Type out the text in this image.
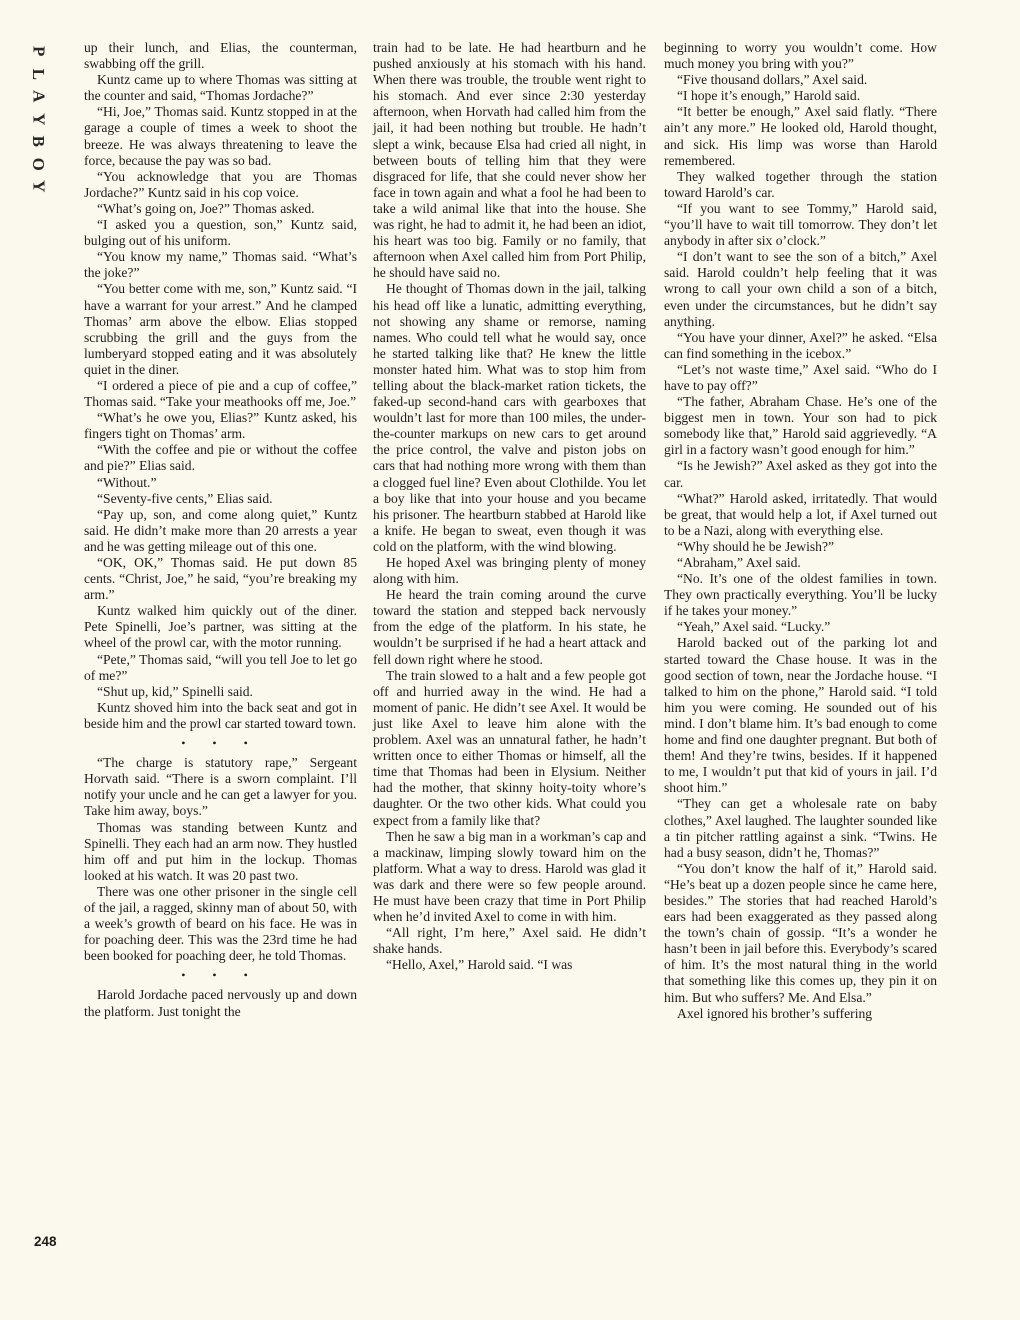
P
L
A
Y
B
O
Y

up their lunch, and Elias, the counterman, swabbing off the grill.

Kuntz came up to where Thomas was sitting at the counter and said, “Thomas Jordache?”

“Hi, Joe,” Thomas said. Kuntz stopped in at the garage a couple of times a week to shoot the breeze. He was always threatening to leave the force, because the pay was so bad.

“You acknowledge that you are Thomas Jordache?” Kuntz said in his cop voice.

“What’s going on, Joe?” Thomas asked.

“I asked you a question, son,” Kuntz said, bulging out of his uniform.

“You know my name,” Thomas said. “What’s the joke?”

“You better come with me, son,” Kuntz said. “I have a warrant for your arrest.” And he clamped Thomas’ arm above the elbow. Elias stopped scrubbing the grill and the guys from the lumberyard stopped eating and it was absolutely quiet in the diner.

“I ordered a piece of pie and a cup of coffee,” Thomas said. “Take your meathooks off me, Joe.”

“What’s he owe you, Elias?” Kuntz asked, his fingers tight on Thomas’ arm.

“With the coffee and pie or without the coffee and pie?” Elias said.

“Without.”

“Seventy-five cents,” Elias said.

“Pay up, son, and come along quiet,” Kuntz said. He didn’t make more than 20 arrests a year and he was getting mileage out of this one.

“OK, OK,” Thomas said. He put down 85 cents. “Christ, Joe,” he said, “you’re breaking my arm.”

Kuntz walked him quickly out of the diner. Pete Spinelli, Joe’s partner, was sitting at the wheel of the prowl car, with the motor running.

“Pete,” Thomas said, “will you tell Joe to let go of me?”

“Shut up, kid,” Spinelli said.

Kuntz shoved him into the back seat and got in beside him and the prowl car started toward town.

• • •

“The charge is statutory rape,” Sergeant Horvath said. “There is a sworn complaint. I’ll notify your uncle and he can get a lawyer for you. Take him away, boys.”

Thomas was standing between Kuntz and Spinelli. They each had an arm now. They hustled him off and put him in the lockup. Thomas looked at his watch. It was 20 past two.

There was one other prisoner in the single cell of the jail, a ragged, skinny man of about 50, with a week’s growth of beard on his face. He was in for poaching deer. This was the 23rd time he had been booked for poaching deer, he told Thomas.

• • •

Harold Jordache paced nervously up and down the platform. Just tonight the

train had to be late. He had heartburn and he pushed anxiously at his stomach with his hand. When there was trouble, the trouble went right to his stomach. And ever since 2:30 yesterday afternoon, when Horvath had called him from the jail, it had been nothing but trouble. He hadn’t slept a wink, because Elsa had cried all night, in between bouts of telling him that they were disgraced for life, that she could never show her face in town again and what a fool he had been to take a wild animal like that into the house. She was right, he had to admit it, he had been an idiot, his heart was too big. Family or no family, that afternoon when Axel called him from Port Philip, he should have said no.

He thought of Thomas down in the jail, talking his head off like a lunatic, admitting everything, not showing any shame or remorse, naming names. Who could tell what he would say, once he started talking like that? He knew the little monster hated him. What was to stop him from telling about the black-market ration tickets, the faked-up second-hand cars with gearboxes that wouldn’t last for more than 100 miles, the under-the-counter markups on new cars to get around the price control, the valve and piston jobs on cars that had nothing more wrong with them than a clogged fuel line? Even about Clothilde. You let a boy like that into your house and you became his prisoner. The heartburn stabbed at Harold like a knife. He began to sweat, even though it was cold on the platform, with the wind blowing.

He hoped Axel was bringing plenty of money along with him.

He heard the train coming around the curve toward the station and stepped back nervously from the edge of the platform. In his state, he wouldn’t be surprised if he had a heart attack and fell down right where he stood.

The train slowed to a halt and a few people got off and hurried away in the wind. He had a moment of panic. He didn’t see Axel. It would be just like Axel to leave him alone with the problem. Axel was an unnatural father, he hadn’t written once to either Thomas or himself, all the time that Thomas had been in Elysium. Neither had the mother, that skinny hoity-toity whore’s daughter. Or the two other kids. What could you expect from a family like that?

Then he saw a big man in a workman’s cap and a mackinaw, limping slowly toward him on the platform. What a way to dress. Harold was glad it was dark and there were so few people around. He must have been crazy that time in Port Philip when he’d invited Axel to come in with him.

“All right, I’m here,” Axel said. He didn’t shake hands.

“Hello, Axel,” Harold said. “I was

beginning to worry you wouldn’t come. How much money you bring with you?”

“Five thousand dollars,” Axel said.

“I hope it’s enough,” Harold said.

“It better be enough,” Axel said flatly. “There ain’t any more.” He looked old, Harold thought, and sick. His limp was worse than Harold remembered.

They walked together through the station toward Harold’s car.

“If you want to see Tommy,” Harold said, “you’ll have to wait till tomorrow. They don’t let anybody in after six o’clock.”

“I don’t want to see the son of a bitch,” Axel said. Harold couldn’t help feeling that it was wrong to call your own child a son of a bitch, even under the circumstances, but he didn’t say anything.

“You have your dinner, Axel?” he asked. “Elsa can find something in the icebox.”

“Let’s not waste time,” Axel said. “Who do I have to pay off?”

“The father, Abraham Chase. He’s one of the biggest men in town. Your son had to pick somebody like that,” Harold said aggrievedly. “A girl in a factory wasn’t good enough for him.”

“Is he Jewish?” Axel asked as they got into the car.

“What?” Harold asked, irritatedly. That would be great, that would help a lot, if Axel turned out to be a Nazi, along with everything else.

“Why should he be Jewish?”

“Abraham,” Axel said.

“No. It’s one of the oldest families in town. They own practically everything. You’ll be lucky if he takes your money.”

“Yeah,” Axel said. “Lucky.”

Harold backed out of the parking lot and started toward the Chase house. It was in the good section of town, near the Jordache house. “I talked to him on the phone,” Harold said. “I told him you were coming. He sounded out of his mind. I don’t blame him. It’s bad enough to come home and find one daughter pregnant. But both of them! And they’re twins, besides. If it happened to me, I wouldn’t put that kid of yours in jail. I’d shoot him.”

“They can get a wholesale rate on baby clothes,” Axel laughed. The laughter sounded like a tin pitcher rattling against a sink. “Twins. He had a busy season, didn’t he, Thomas?”

“You don’t know the half of it,” Harold said. “He’s beat up a dozen people since he came here, besides.” The stories that had reached Harold’s ears had been exaggerated as they passed along the town’s chain of gossip. “It’s a wonder he hasn’t been in jail before this. Everybody’s scared of him. It’s the most natural thing in the world that something like this comes up, they pin it on him. But who suffers? Me. And Elsa.”

Axel ignored his brother’s suffering

248
